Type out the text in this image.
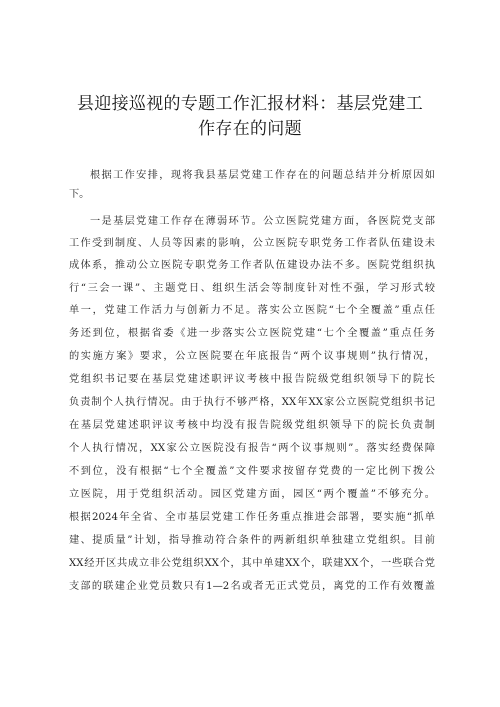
县迎接巡视的专题工作汇报材料：基层党建工
作存在的问题
根据工作安排，现将我县基层党建工作存在的问题总结并分析原因如
下。
一是基层党建工作存在薄弱环节。公立医院党建方面，各医院党支部
工作受到制度、人员等因素的影响，公立医院专职党务工作者队伍建设未
成体系，推动公立医院专职党务工作者队伍建设办法不多。医院党组织执
行“三会一课”、主题党日、组织生活会等制度针对性不强，学习形式较
单一，党建工作活力与创新力不足。落实公立医院“七个全覆盖”重点任
务还到位，根据省委《进一步落实公立医院党建“七个全覆盖”重点任务
的实施方案》要求，公立医院要在年底报告“两个议事规则”执行情况，
党组织书记要在基层党建述职评议考核中报告院级党组织领导下的院长
负责制个人执行情况。由于执行不够严格，XX年XX家公立医院党组织书记
在基层党建述职评议考核中均没有报告院级党组织领导下的院长负责制
个人执行情况，XX家公立医院没有报告“两个议事规则”。落实经费保障
不到位，没有根据“七个全覆盖”文件要求按留存党费的一定比例下拨公
立医院，用于党组织活动。园区党建方面，园区“两个覆盖”不够充分。
根据2024年全省、全市基层党建工作任务重点推进会部署，要实施“抓单
建、提质量”计划，指导推动符合条件的两新组织单独建立党组织。目前
XX经开区共成立非公党组织XX个，其中单建XX个，联建XX个，一些联合党
支部的联建企业党员数只有1—2名或者无正式党员，离党的工作有效覆盖
